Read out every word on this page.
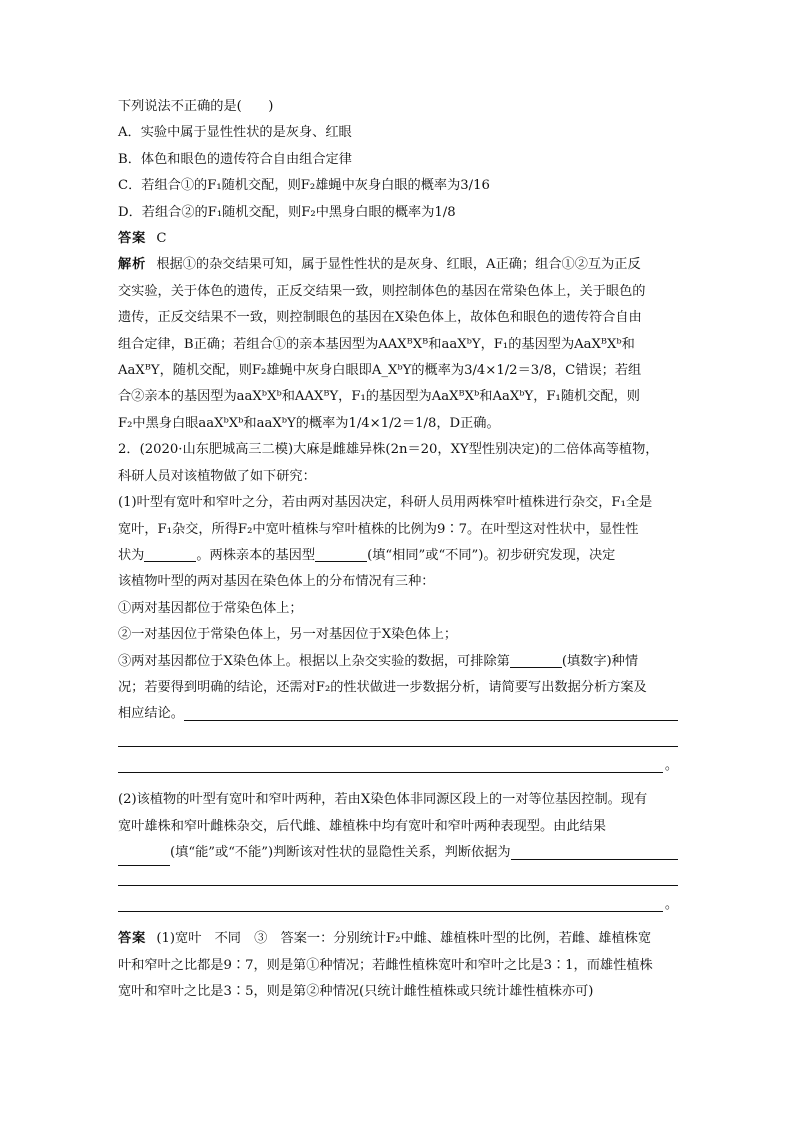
下列说法不正确的是(　　)

A．实验中属于显性性状的是灰身、红眼

B．体色和眼色的遗传符合自由组合定律

C．若组合①的F₁随机交配，则F₂雄蝇中灰身白眼的概率为3/16

D．若组合②的F₁随机交配，则F₂中黑身白眼的概率为1/8

答案 C

解析 根据①的杂交结果可知，属于显性性状的是灰身、红眼，A正确；组合①②互为正反

交实验，关于体色的遗传，正反交结果一致，则控制体色的基因在常染色体上，关于眼色的

遗传，正反交结果不一致，则控制眼色的基因在X染色体上，故体色和眼色的遗传符合自由

组合定律，B正确；若组合①的亲本基因型为AAXᴮXᴮ和aaXᵇY，F₁的基因型为AaXᴮXᵇ和

AaXᴮY，随机交配，则F₂雄蝇中灰身白眼即A_XᵇY的概率为3/4×1/2＝3/8，C错误；若组

合②亲本的基因型为aaXᵇXᵇ和AAXᴮY，F₁的基因型为AaXᴮXᵇ和AaXᵇY，F₁随机交配，则

F₂中黑身白眼aaXᵇXᵇ和aaXᵇY的概率为1/4×1/2＝1/8，D正确。

2．(2020·山东肥城高三二模)大麻是雌雄异株(2n＝20，XY型性别决定)的二倍体高等植物，

科研人员对该植物做了如下研究：

(1)叶型有宽叶和窄叶之分，若由两对基因决定，科研人员用两株窄叶植株进行杂交，F₁全是

宽叶，F₁杂交，所得F₂中宽叶植株与窄叶植株的比例为9∶7。在叶型这对性状中，显性性

状为	。两株亲本的基因型	(填“相同”或“不同”)。初步研究发现，决定

该植物叶型的两对基因在染色体上的分布情况有三种：

①两对基因都位于常染色体上；

②一对基因位于常染色体上，另一对基因位于X染色体上；

③两对基因都位于X染色体上。根据以上杂交实验的数据，可排除第	(填数字)种情

况；若要得到明确的结论，还需对F₂的性状做进一步数据分析，请简要写出数据分析方案及

相应结论。
。

(2)该植物的叶型有宽叶和窄叶两种，若由X染色体非同源区段上的一对等位基因控制。现有

宽叶雄株和窄叶雌株杂交，后代雌、雄植株中均有宽叶和窄叶两种表现型。由此结果

(填“能”或“不能”)判断该对性状的显隐性关系，判断依据为
。

答案 (1)宽叶　不同　③　答案一：分别统计F₂中雌、雄植株叶型的比例，若雌、雄植株宽

叶和窄叶之比都是9∶7，则是第①种情况；若雌性植株宽叶和窄叶之比是3∶1，而雄性植株

宽叶和窄叶之比是3∶5，则是第②种情况(只统计雌性植株或只统计雄性植株亦可)
